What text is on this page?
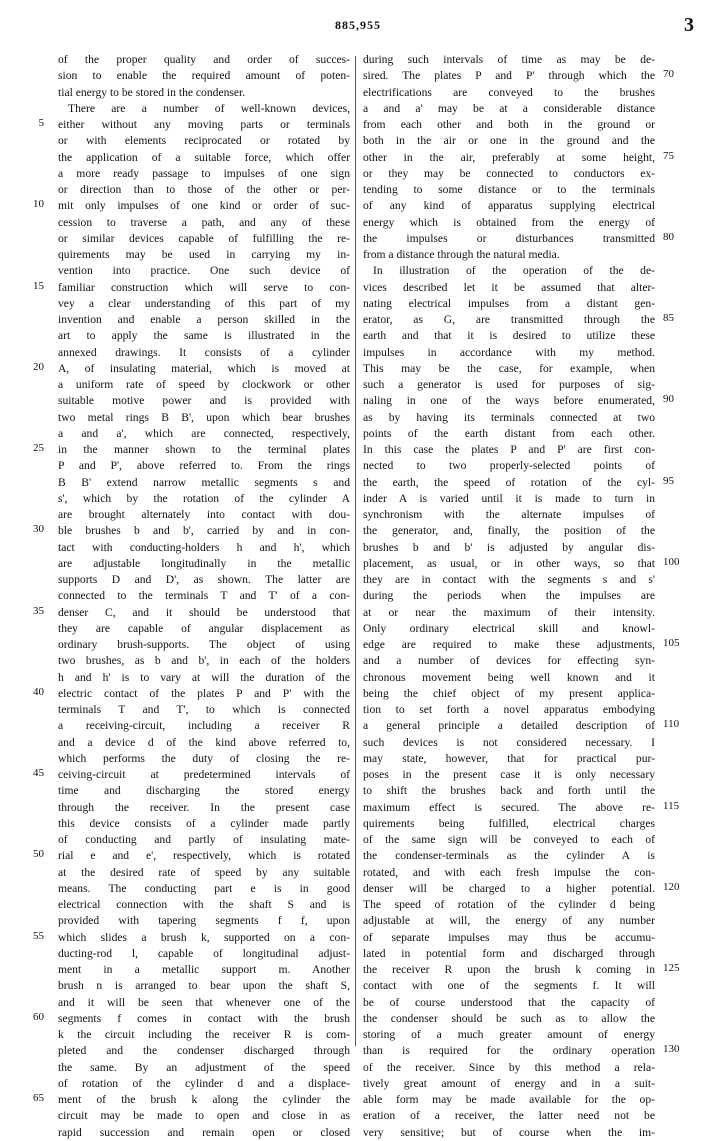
885,955	3
of the proper quality and order of succes-
sion to enable the required amount of poten-
tial energy to be stored in the condenser.
There are a number of well-known devices,
either without any moving parts or terminals
or with elements reciprocated or rotated by
the application of a suitable force, which offer
a more ready passage to impulses of one sign
or direction than to those of the other or per-
mit only impulses of one kind or order of suc-
cession to traverse a path, and any of these
or similar devices capable of fulfilling the re-
quirements may be used in carrying my in-
vention into practice. One such device of
familiar construction which will serve to con-
vey a clear understanding of this part of my
invention and enable a person skilled in the
art to apply the same is illustrated in the
annexed drawings. It consists of a cylinder
A, of insulating material, which is moved at
a uniform rate of speed by clockwork or other
suitable motive power and is provided with
two metal rings B B', upon which bear brushes
a and a', which are connected, respectively,
in the manner shown to the terminal plates
P and P', above referred to. From the rings
B B' extend narrow metallic segments s and
s', which by the rotation of the cylinder A
are brought alternately into contact with dou-
ble brushes b and b', carried by and in con-
tact with conducting-holders h and h', which
are adjustable longitudinally in the metallic
supports D and D', as shown. The latter are
connected to the terminals T and T' of a con-
denser C, and it should be understood that
they are capable of angular displacement as
ordinary brush-supports. The object of using
two brushes, as b and b', in each of the holders
h and h' is to vary at will the duration of the
electric contact of the plates P and P' with the
terminals T and T', to which is connected
a receiving-circuit, including a receiver R
and a device d of the kind above referred to,
which performs the duty of closing the re-
ceiving-circuit at predetermined intervals of
time and discharging the stored energy
through the receiver. In the present case
this device consists of a cylinder made partly
of conducting and partly of insulating mate-
rial e and e', respectively, which is rotated
at the desired rate of speed by any suitable
means. The conducting part e is in good
electrical connection with the shaft S and is
provided with tapering segments f f, upon
which slides a brush k, supported on a con-
ducting-rod l, capable of longitudinal adjust-
ment in a metallic support m. Another
brush n is arranged to bear upon the shaft S,
and it will be seen that whenever one of the
segments f comes in contact with the brush
k the circuit including the receiver R is com-
pleted and the condenser discharged through
the same. By an adjustment of the speed
of rotation of the cylinder d and a displace-
ment of the brush k along the cylinder the
circuit may be made to open and close in as
rapid succession and remain open or closed
during such intervals of time as may be de-
sired. The plates P and P' through which the
electrifications are conveyed to the brushes
a and a' may be at a considerable distance
from each other and both in the ground or
both in the air or one in the ground and the
other in the air, preferably at some height,
or they may be connected to conductors ex-
tending to some distance or to the terminals
of any kind of apparatus supplying electrical
energy which is obtained from the energy of
the impulses or disturbances transmitted
from a distance through the natural media.
In illustration of the operation of the de-
vices described let it be assumed that alter-
nating electrical impulses from a distant gen-
erator, as G, are transmitted through the
earth and that it is desired to utilize these
impulses in accordance with my method.
This may be the case, for example, when
such a generator is used for purposes of sig-
naling in one of the ways before enumerated,
as by having its terminals connected at two
points of the earth distant from each other.
In this case the plates P and P' are first con-
nected to two properly-selected points of
the earth, the speed of rotation of the cyl-
inder A is varied until it is made to turn in
synchronism with the alternate impulses of
the generator, and, finally, the position of the
brushes b and b' is adjusted by angular dis-
placement, as usual, or in other ways, so that
they are in contact with the segments s and s'
during the periods when the impulses are
at or near the maximum of their intensity.
Only ordinary electrical skill and knowl-
edge are required to make these adjustments,
and a number of devices for effecting syn-
chronous movement being well known and it
being the chief object of my present applica-
tion to set forth a novel apparatus embodying
a general principle a detailed description of
such devices is not considered necessary. I
may state, however, that for practical pur-
poses in the present case it is only necessary
to shift the brushes back and forth until the
maximum effect is secured. The above re-
quirements being fulfilled, electrical charges
of the same sign will be conveyed to each of
the condenser-terminals as the cylinder A is
rotated, and with each fresh impulse the con-
denser will be charged to a higher potential.
The speed of rotation of the cylinder d being
adjustable at will, the energy of any number
of separate impulses may thus be accumu-
lated in potential form and discharged through
the receiver R upon the brush k coming in
contact with one of the segments f. It will
be of course understood that the capacity of
the condenser should be such as to allow the
storing of a much greater amount of energy
than is required for the ordinary operation
of the receiver. Since by this method a rela-
tively great amount of energy and in a suit-
able form may be made available for the op-
eration of a receiver, the latter need not be
very sensitive; but of course when the im-
5
10
15
20
25
30
35
40
45
50
55
60
65
70
75
80
85
90
95
100
105
110
115
120
125
130
